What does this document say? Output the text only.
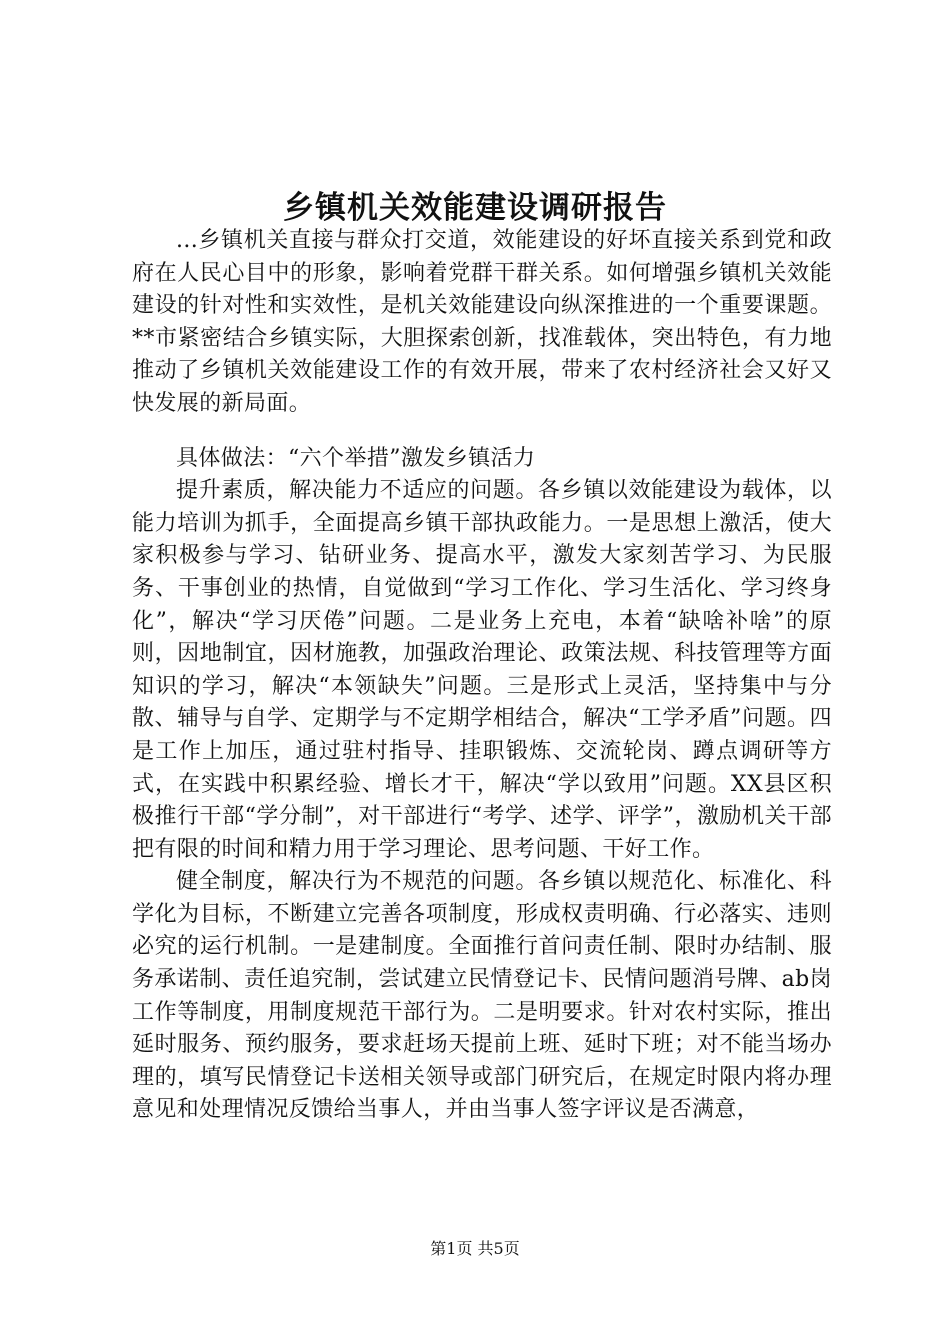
乡镇机关效能建设调研报告

...乡镇机关直接与群众打交道，效能建设的好坏直接关系到党和政府在人民心目中的形象，影响着党群干群关系。如何增强乡镇机关效能建设的针对性和实效性，是机关效能建设向纵深推进的一个重要课题。**市紧密结合乡镇实际，大胆探索创新，找准载体，突出特色，有力地推动了乡镇机关效能建设工作的有效开展，带来了农村经济社会又好又快发展的新局面。

具体做法：“六个举措”激发乡镇活力

提升素质，解决能力不适应的问题。各乡镇以效能建设为载体，以能力培训为抓手，全面提高乡镇干部执政能力。一是思想上激活，使大家积极参与学习、钻研业务、提高水平，激发大家刻苦学习、为民服务、干事创业的热情，自觉做到“学习工作化、学习生活化、学习终身化”，解决“学习厌倦”问题。二是业务上充电，本着“缺啥补啥”的原则，因地制宜，因材施教，加强政治理论、政策法规、科技管理等方面知识的学习，解决“本领缺失”问题。三是形式上灵活，坚持集中与分散、辅导与自学、定期学与不定期学相结合，解决“工学矛盾”问题。四是工作上加压，通过驻村指导、挂职锻炼、交流轮岗、蹲点调研等方式，在实践中积累经验、增长才干，解决“学以致用”问题。XX县区积极推行干部“学分制”，对干部进行“考学、述学、评学”，激励机关干部把有限的时间和精力用于学习理论、思考问题、干好工作。

健全制度，解决行为不规范的问题。各乡镇以规范化、标准化、科学化为目标，不断建立完善各项制度，形成权责明确、行必落实、违则必究的运行机制。一是建制度。全面推行首问责任制、限时办结制、服务承诺制、责任追究制，尝试建立民情登记卡、民情问题消号牌、ab岗工作等制度，用制度规范干部行为。二是明要求。针对农村实际，推出延时服务、预约服务，要求赶场天提前上班、延时下班；对不能当场办理的，填写民情登记卡送相关领导或部门研究后，在规定时限内将办理意见和处理情况反馈给当事人，并由当事人签字评议是否满意，

第1页 共5页
